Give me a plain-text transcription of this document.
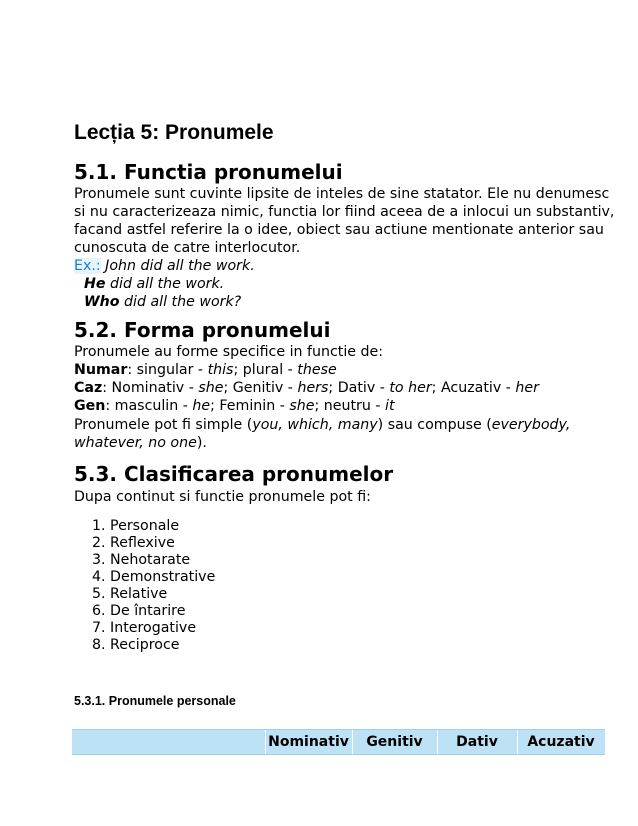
Lecția 5: Pronumele
5.1. Functia pronumelui
Pronumele sunt cuvinte lipsite de inteles de sine statator. Ele nu denumesc
si nu caracterizeaza nimic, functia lor fiind aceea de a inlocui un substantiv,
facand astfel referire la o idee, obiect sau actiune mentionate anterior sau
cunoscuta de catre interlocutor.
Ex.: John did all the work.
He did all the work.
Who did all the work?
5.2. Forma pronumelui
Pronumele au forme specifice in functie de:
Numar: singular - this; plural - these
Caz: Nominativ - she; Genitiv - hers; Dativ - to her; Acuzativ - her
Gen: masculin - he; Feminin - she; neutru - it
Pronumele pot fi simple (you, which, many) sau compuse (everybody,
whatever, no one).
5.3. Clasificarea pronumelor
Dupa continut si functie pronumele pot fi:
1. Personale
2. Reflexive
3. Nehotarate
4. Demonstrative
5. Relative
6. De întarire
7. Interogative
8. Reciproce
5.3.1. Pronumele personale
Nominativ	Genitiv	Dativ	Acuzativ
